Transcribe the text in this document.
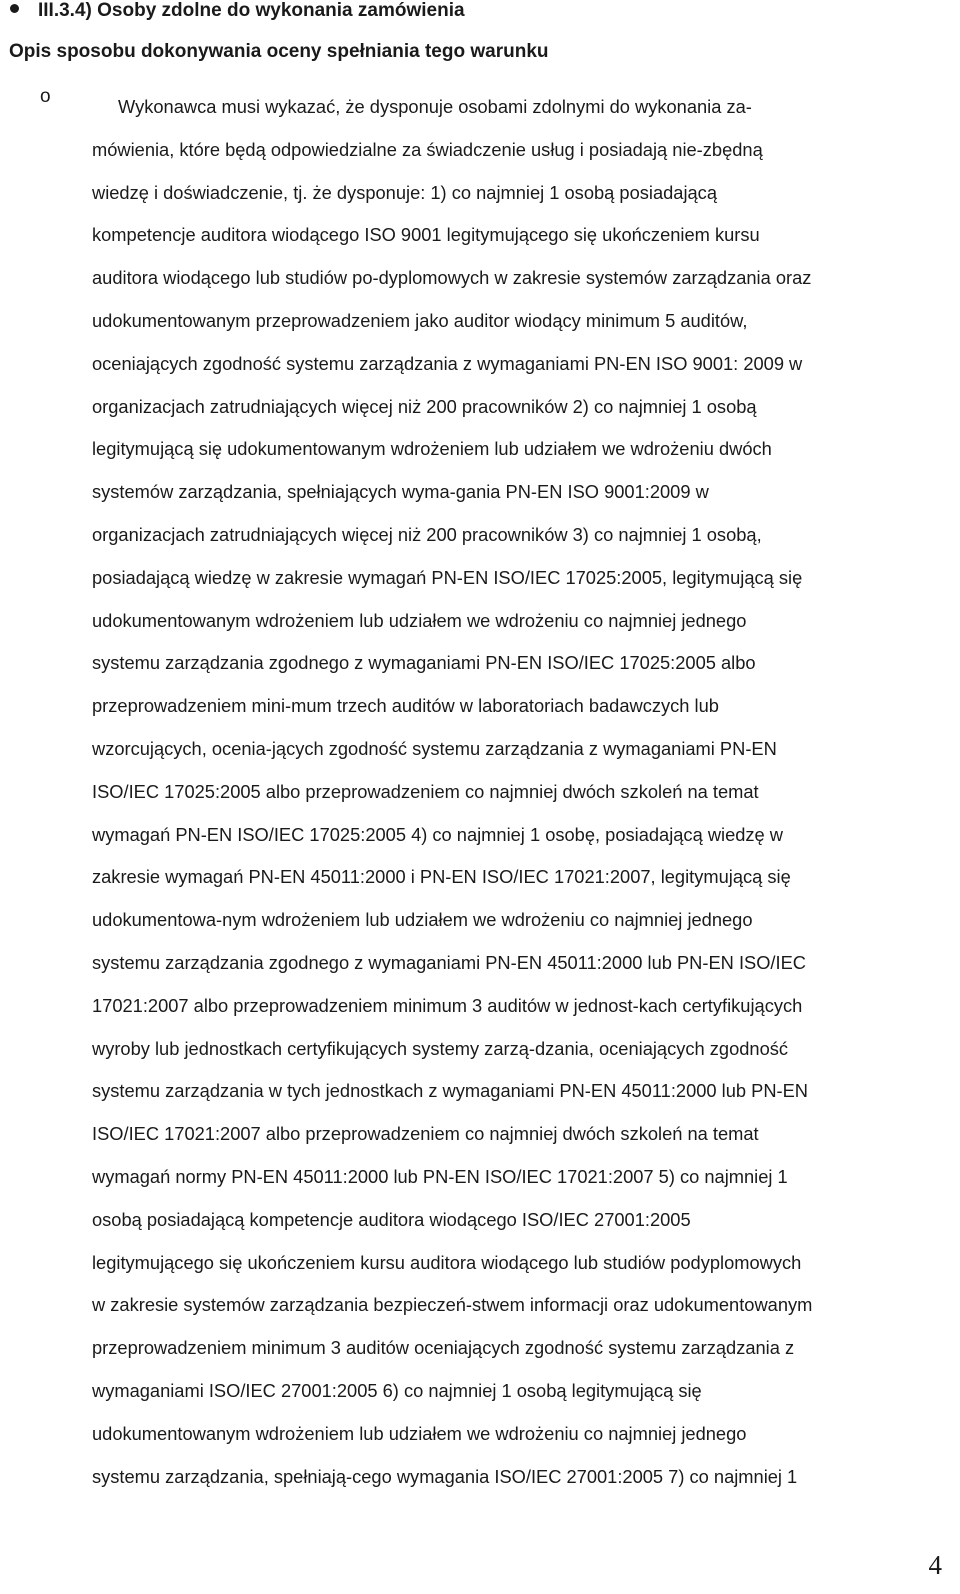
III.3.4) Osoby zdolne do wykonania zamówienia
Opis sposobu dokonywania oceny spełniania tego warunku
o	Wykonawca musi wykazać, że dysponuje osobami zdolnymi do wykonania za-
mówienia, które będą odpowiedzialne za świadczenie usług i posiadają nie-zbędną
wiedzę i doświadczenie, tj. że dysponuje: 1) co najmniej 1 osobą posiadającą
kompetencje auditora wiodącego ISO 9001 legitymującego się ukończeniem kursu
auditora wiodącego lub studiów po-dyplomowych w zakresie systemów zarządzania oraz
udokumentowanym przeprowadzeniem jako auditor wiodący minimum 5 auditów,
oceniających zgodność systemu zarządzania z wymaganiami PN-EN ISO 9001: 2009 w
organizacjach zatrudniających więcej niż 200 pracowników 2) co najmniej 1 osobą
legitymującą się udokumentowanym wdrożeniem lub udziałem we wdrożeniu dwóch
systemów zarządzania, spełniających wyma-gania PN-EN ISO 9001:2009 w
organizacjach zatrudniających więcej niż 200 pracowników 3) co najmniej 1 osobą,
posiadającą wiedzę w zakresie wymagań PN-EN ISO/IEC 17025:2005, legitymującą się
udokumentowanym wdrożeniem lub udziałem we wdrożeniu co najmniej jednego
systemu zarządzania zgodnego z wymaganiami PN-EN ISO/IEC 17025:2005 albo
przeprowadzeniem mini-mum trzech auditów w laboratoriach badawczych lub
wzorcujących, ocenia-jących zgodność systemu zarządzania z wymaganiami PN-EN
ISO/IEC 17025:2005 albo przeprowadzeniem co najmniej dwóch szkoleń na temat
wymagań PN-EN ISO/IEC 17025:2005 4) co najmniej 1 osobę, posiadającą wiedzę w
zakresie wymagań PN-EN 45011:2000 i PN-EN ISO/IEC 17021:2007, legitymującą się
udokumentowa-nym wdrożeniem lub udziałem we wdrożeniu co najmniej jednego
systemu zarządzania zgodnego z wymaganiami PN-EN 45011:2000 lub PN-EN ISO/IEC
17021:2007 albo przeprowadzeniem minimum 3 auditów w jednost-kach certyfikujących
wyroby lub jednostkach certyfikujących systemy zarzą-dzania, oceniających zgodność
systemu zarządzania w tych jednostkach z wymaganiami PN-EN 45011:2000 lub PN-EN
ISO/IEC 17021:2007 albo przeprowadzeniem co najmniej dwóch szkoleń na temat
wymagań normy PN-EN 45011:2000 lub PN-EN ISO/IEC 17021:2007 5) co najmniej 1
osobą posiadającą kompetencje auditora wiodącego ISO/IEC 27001:2005
legitymującego się ukończeniem kursu auditora wiodącego lub studiów podyplomowych
w zakresie systemów zarządzania bezpieczeń-stwem informacji oraz udokumentowanym
przeprowadzeniem minimum 3 auditów oceniających zgodność systemu zarządzania z
wymaganiami ISO/IEC 27001:2005 6) co najmniej 1 osobą legitymującą się
udokumentowanym wdrożeniem lub udziałem we wdrożeniu co najmniej jednego
systemu zarządzania, spełniają-cego wymagania ISO/IEC 27001:2005 7) co najmniej 1
4
